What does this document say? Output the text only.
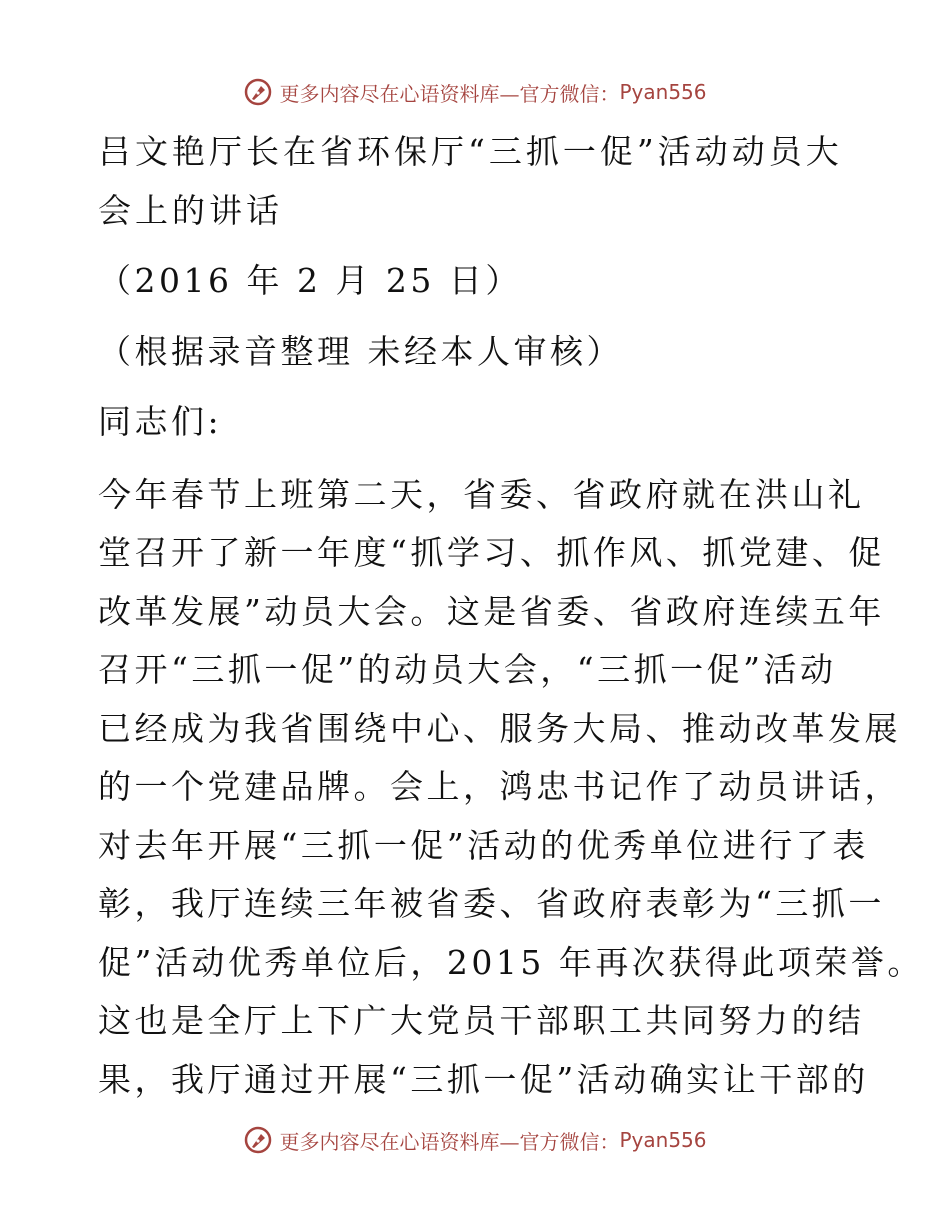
更多内容尽在心语资料库—官方微信： Pyan556
吕文艳厅长在省环保厅“三抓一促”活动动员大
会上的讲话
（2016 年 2 月 25 日）
（根据录音整理 未经本人审核）
同志们:
今年春节上班第二天，省委、省政府就在洪山礼
堂召开了新一年度“抓学习、抓作风、抓党建、促
改革发展”动员大会。这是省委、省政府连续五年
召开“三抓一促”的动员大会，“三抓一促”活动
已经成为我省围绕中心、服务大局、推动改革发展
的一个党建品牌。会上，鸿忠书记作了动员讲话，
对去年开展“三抓一促”活动的优秀单位进行了表
彰，我厅连续三年被省委、省政府表彰为“三抓一
促”活动优秀单位后，2015 年再次获得此项荣誉。
这也是全厅上下广大党员干部职工共同努力的结
果，我厅通过开展“三抓一促”活动确实让干部的
更多内容尽在心语资料库—官方微信： Pyan556
